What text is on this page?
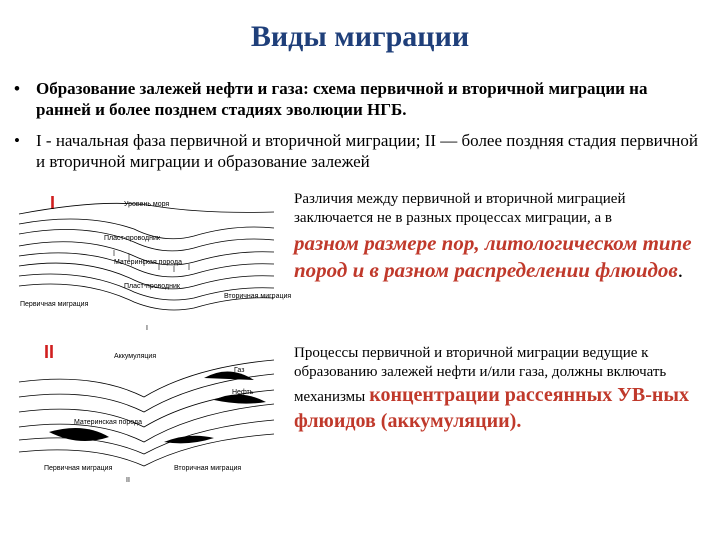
Виды миграции
• Образование залежей нефти и газа: схема первичной и вторичной миграции на ранней и более позднем стадиях эволюции НГБ.
• I - начальная фаза первичной и вторичной миграции; II — более поздняя стадия первичной и вторичной миграции и образование залежей
I	Уровень моря
Пласт-проводник
Материнская порода
Пласт-проводник
Первичная миграция
Вторичная миграция
I
II	Аккумуляция
Газ
Нефть
Материнская порода
Первичная миграция	Вторичная миграция
II
Различия между первичной и вторичной миграцией заключается не в разных процессах миграции, а в
разном размере пор, литологическом типе пород и в разном распределении флюидов.
Процессы первичной и вторичной миграции ведущие к образованию залежей нефти и/или газа, должны включать механизмы концентрации рассеянных УВ-ных флюидов (аккумуляции).
